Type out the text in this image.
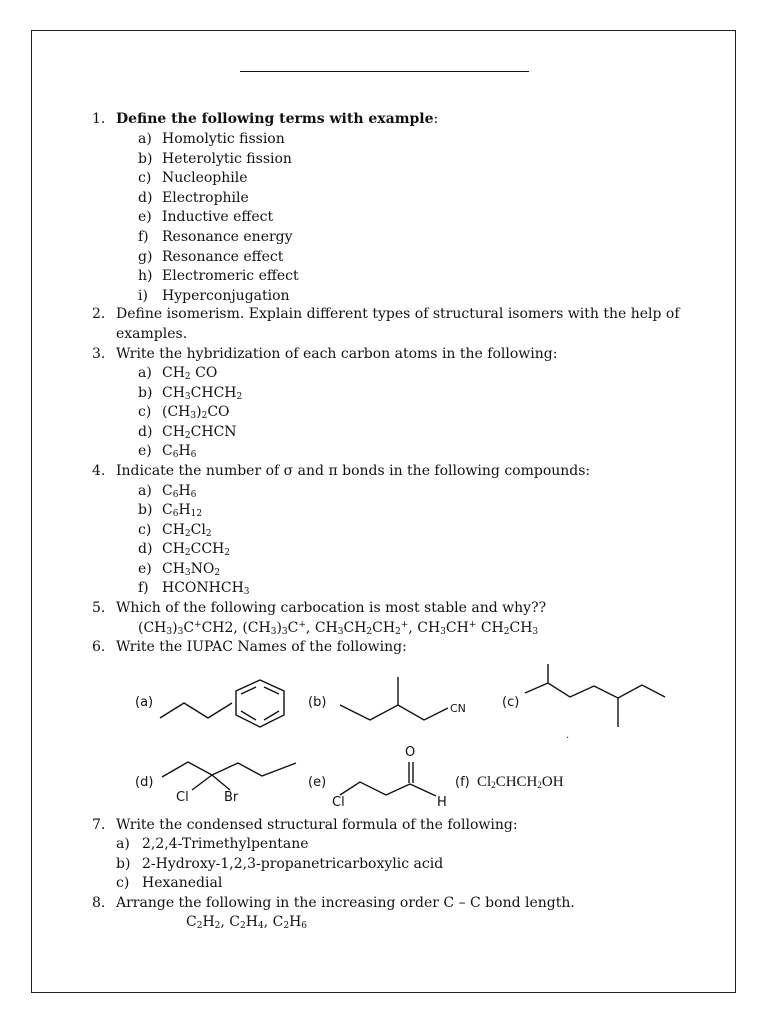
1. Define the following terms with example:
a) Homolytic fission
b) Heterolytic fission
c) Nucleophile
d) Electrophile
e) Inductive effect
f) Resonance energy
g) Resonance effect
h) Electromeric effect
i) Hyperconjugation
2. Define isomerism. Explain different types of structural isomers with the help of
examples.
3. Write the hybridization of each carbon atoms in the following:
a) $CH_2$ CO
b) $CH_3CHCH_2$
c) $(CH_3)_2CO$
d) $CH_2CHCN$
e) $C_6H_6$
4. Indicate the number of σ and π bonds in the following compounds:
a) $C_6H_6$
b) $C_6H_{12}$
c) $CH_2Cl_2$
d) $CH_2CCH_2$
e) $CH_3NO_2$
f) $HCONHCH_3$
5. Which of the following carbocation is most stable and why??
$(CH_3)_3C^+CH2$, $(CH_3)_3C^+$, $CH_3CH_2CH_2^+$, $CH_3CH^+$ $CH_2CH_3$
6. Write the IUPAC Names of the following:
(a)	(b)	(c)
(d)	(e)	(f)
CN
.
Cl	Br
O
Cl	H
$Cl_2CHCH_2OH$
7. Write the condensed structural formula of the following:
a) 2,2,4-Trimethylpentane
b) 2-Hydroxy-1,2,3-propanetricarboxylic acid
c) Hexanedial
8. Arrange the following in the increasing order C – C bond length.
$C_2H_2$, $C_2H_4$, $C_2H_6$
